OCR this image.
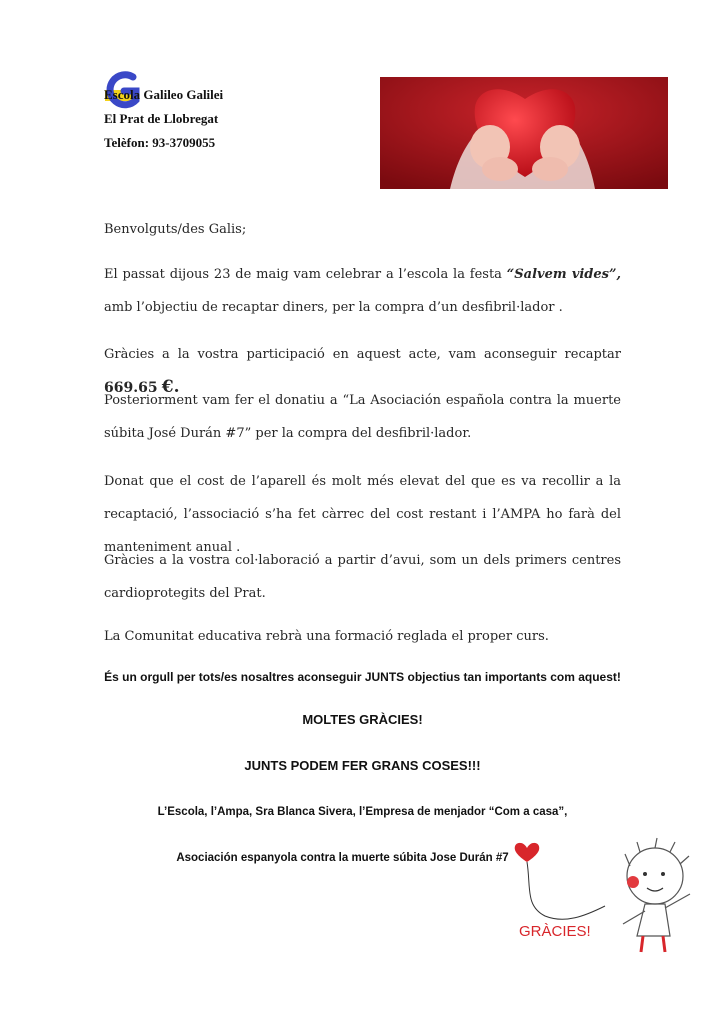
Escola Galileo Galilei
El Prat de Llobregat
Telèfon: 93-3709055

Benvolguts/des Galis;

El passat dijous 23 de maig vam celebrar a l’escola la festa “Salvem vides”, amb l’objectiu de recaptar diners, per la compra d’un desfibril·lador .

Gràcies a la vostra participació en aquest acte, vam aconseguir recaptar 669.65 €.

Posteriorment vam fer el donatiu a “La Asociación española contra la muerte súbita José Durán #7” per la compra del desfibril·lador.

Donat que el cost de l’aparell és molt més elevat del que es va recollir a la recaptació, l’associació s’ha fet càrrec del cost restant i l’AMPA ho farà del manteniment anual .

Gràcies a la vostra col·laboració a partir d’avui, som un dels primers centres cardioprotegits del Prat.

La Comunitat educativa rebrà una formació reglada el proper curs.

És un orgull per tots/es nosaltres aconseguir JUNTS objectius tan importants com aquest!

MOLTES GRÀCIES!

JUNTS PODEM FER GRANS COSES!!!

L’Escola, l’Ampa, Sra Blanca Sivera, l’Empresa de menjador “Com a casa”,

Asociación espanyola contra la muerte súbita Jose Durán #7

GRÀCIES!
